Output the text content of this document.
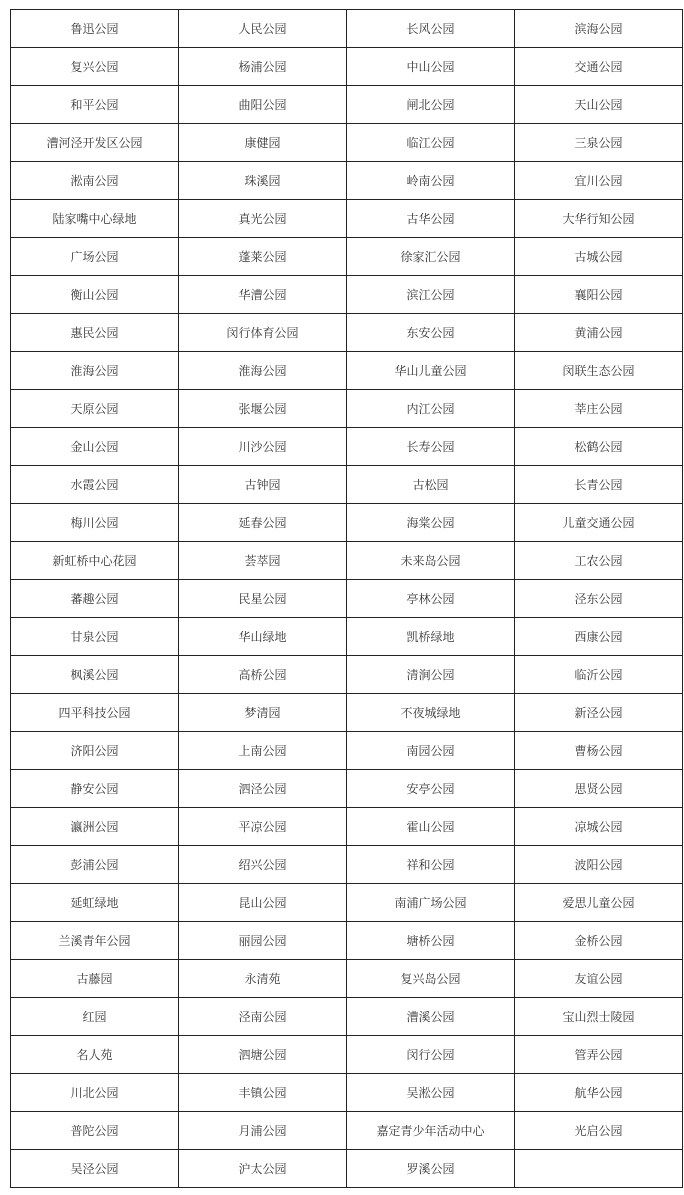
鲁迅公园	人民公园	长风公园	滨海公园
复兴公园	杨浦公园	中山公园	交通公园
和平公园	曲阳公园	闸北公园	天山公园
漕河泾开发区公园	康健园	临江公园	三泉公园
淞南公园	珠溪园	岭南公园	宜川公园
陆家嘴中心绿地	真光公园	古华公园	大华行知公园
广场公园	蓬莱公园	徐家汇公园	古城公园
衡山公园	华漕公园	滨江公园	襄阳公园
惠民公园	闵行体育公园	东安公园	黄浦公园
淮海公园	淮海公园	华山儿童公园	闵联生态公园
天原公园	张堰公园	内江公园	莘庄公园
金山公园	川沙公园	长寿公园	松鹤公园
水霞公园	古钟园	古松园	长青公园
梅川公园	延春公园	海棠公园	儿童交通公园
新虹桥中心花园	荟萃园	未来岛公园	工农公园
蕃趣公园	民星公园	亭林公园	泾东公园
甘泉公园	华山绿地	凯桥绿地	西康公园
枫溪公园	高桥公园	清涧公园	临沂公园
四平科技公园	梦清园	不夜城绿地	新泾公园
济阳公园	上南公园	南园公园	曹杨公园
静安公园	泗泾公园	安亭公园	思贤公园
瀛洲公园	平凉公园	霍山公园	凉城公园
彭浦公园	绍兴公园	祥和公园	波阳公园
延虹绿地	昆山公园	南浦广场公园	爱思儿童公园
兰溪青年公园	丽园公园	塘桥公园	金桥公园
古藤园	永清苑	复兴岛公园	友谊公园
红园	泾南公园	漕溪公园	宝山烈士陵园
名人苑	泗塘公园	闵行公园	管弄公园
川北公园	丰镇公园	吴淞公园	航华公园
普陀公园	月浦公园	嘉定青少年活动中心	光启公园
吴泾公园	沪太公园	罗溪公园	
